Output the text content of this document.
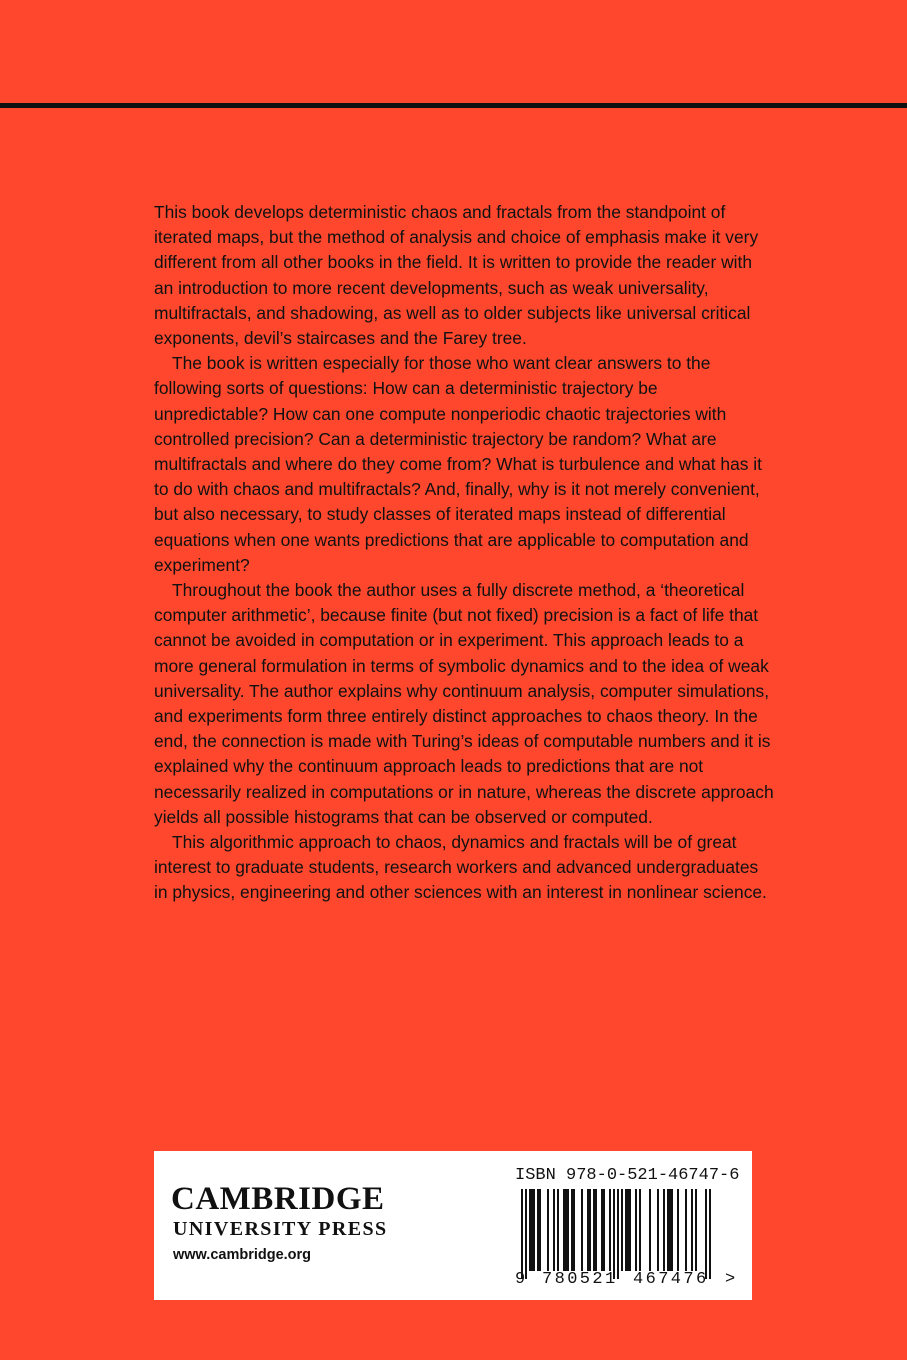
This book develops deterministic chaos and fractals from the standpoint of iterated maps, but the method of analysis and choice of emphasis make it very different from all other books in the field. It is written to provide the reader with an introduction to more recent developments, such as weak universality, multifractals, and shadowing, as well as to older subjects like universal critical exponents, devil’s staircases and the Farey tree.

The book is written especially for those who want clear answers to the following sorts of questions: How can a deterministic trajectory be unpredictable? How can one compute nonperiodic chaotic trajectories with controlled precision? Can a deterministic trajectory be random? What are multifractals and where do they come from? What is turbulence and what has it to do with chaos and multifractals? And, finally, why is it not merely convenient, but also necessary, to study classes of iterated maps instead of differential equations when one wants predictions that are applicable to computation and experiment?

Throughout the book the author uses a fully discrete method, a ‘theoretical computer arithmetic’, because finite (but not fixed) precision is a fact of life that cannot be avoided in computation or in experiment. This approach leads to a more general formulation in terms of symbolic dynamics and to the idea of weak universality. The author explains why continuum analysis, computer simulations, and experiments form three entirely distinct approaches to chaos theory. In the end, the connection is made with Turing’s ideas of computable numbers and it is explained why the continuum approach leads to predictions that are not necessarily realized in computations or in nature, whereas the discrete approach yields all possible histograms that can be observed or computed.

This algorithmic approach to chaos, dynamics and fractals will be of great interest to graduate students, research workers and advanced undergraduates in physics, engineering and other sciences with an interest in nonlinear science.

CAMBRIDGE
UNIVERSITY PRESS
www.cambridge.org
ISBN 978-0-521-46747-6
9 780521 467476 >
